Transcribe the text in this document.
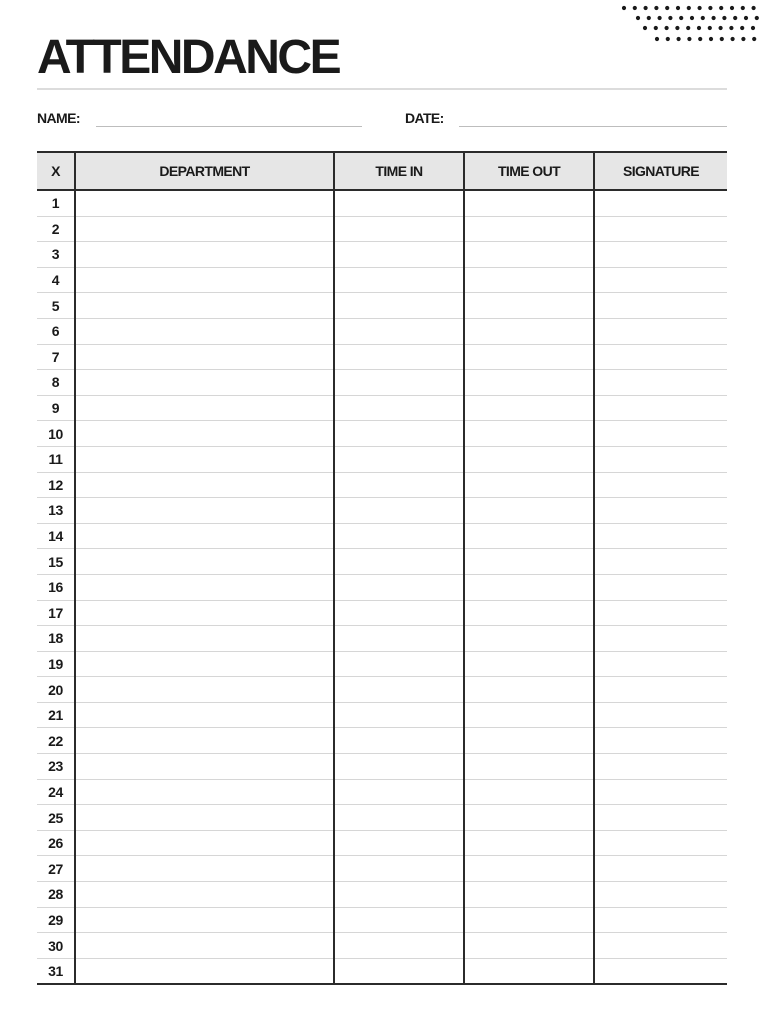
ATTENDANCE
NAME:	DATE:
X	DEPARTMENT	TIME IN	TIME OUT	SIGNATURE
1				
2				
3				
4				
5				
6				
7				
8				
9				
10				
11				
12				
13				
14				
15				
16				
17				
18				
19				
20				
21				
22				
23				
24				
25				
26				
27				
28				
29				
30				
31				
